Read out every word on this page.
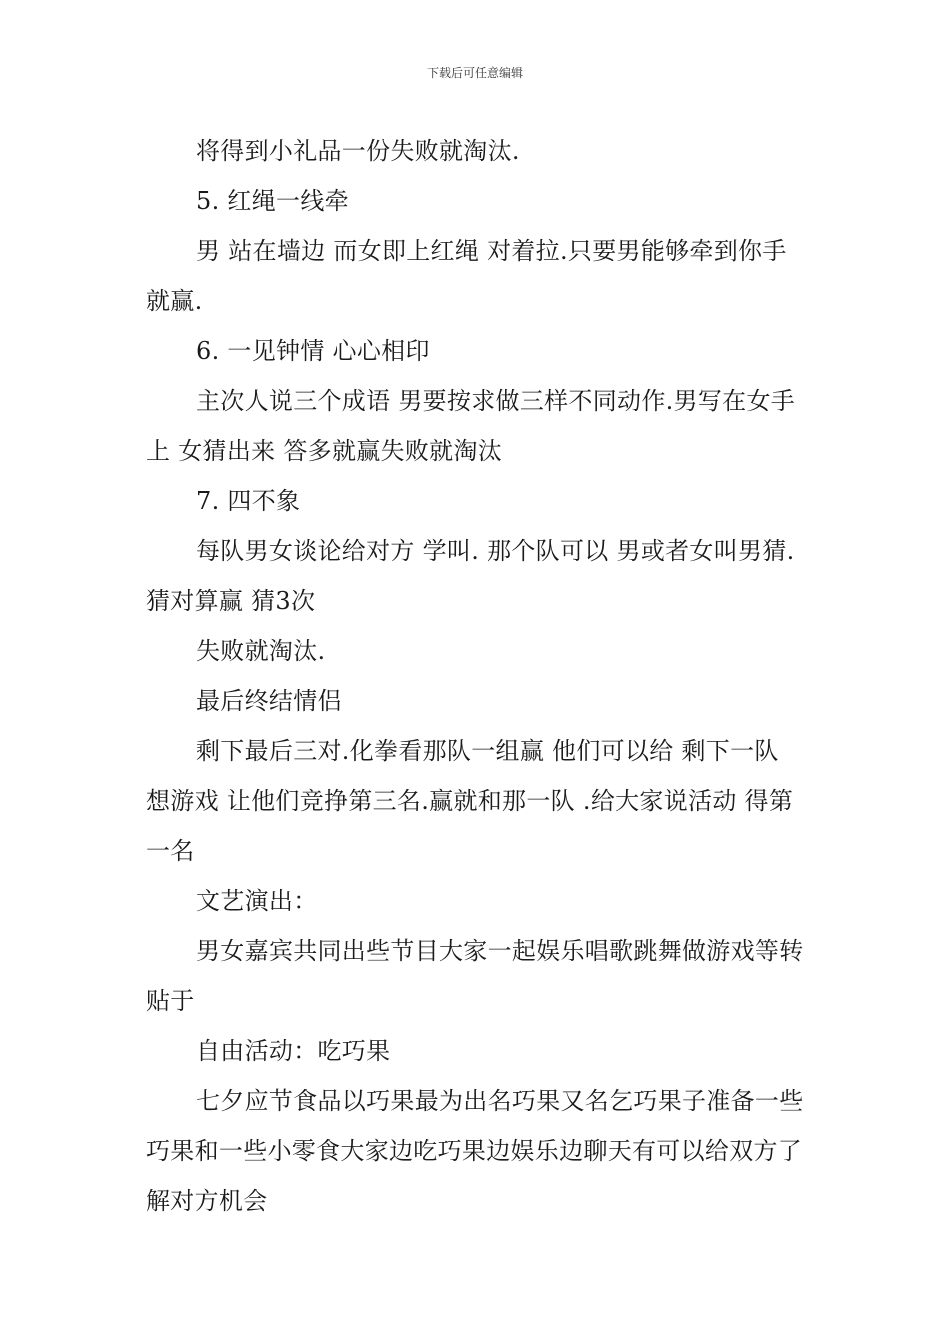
下载后可任意编辑

将得到小礼品一份失败就淘汰.

5. 红绳一线牵

男 站在墙边 而女即上红绳 对着拉.只要男能够牵到你手就赢.

6. 一见钟情 心心相印

主次人说三个成语 男要按求做三样不同动作.男写在女手上 女猜出来 答多就赢失败就淘汰

7. 四不象

每队男女谈论给对方 学叫. 那个队可以 男或者女叫男猜.猜对算赢 猜3次

失败就淘汰.

最后终结情侣

剩下最后三对.化拳看那队一组赢 他们可以给 剩下一队 想游戏 让他们竞挣第三名.赢就和那一队 .给大家说活动 得第一名

文艺演出：

男女嘉宾共同出些节目大家一起娱乐唱歌跳舞做游戏等转贴于

自由活动：吃巧果

七夕应节食品以巧果最为出名巧果又名乞巧果子准备一些巧果和一些小零食大家边吃巧果边娱乐边聊天有可以给双方了解对方机会
